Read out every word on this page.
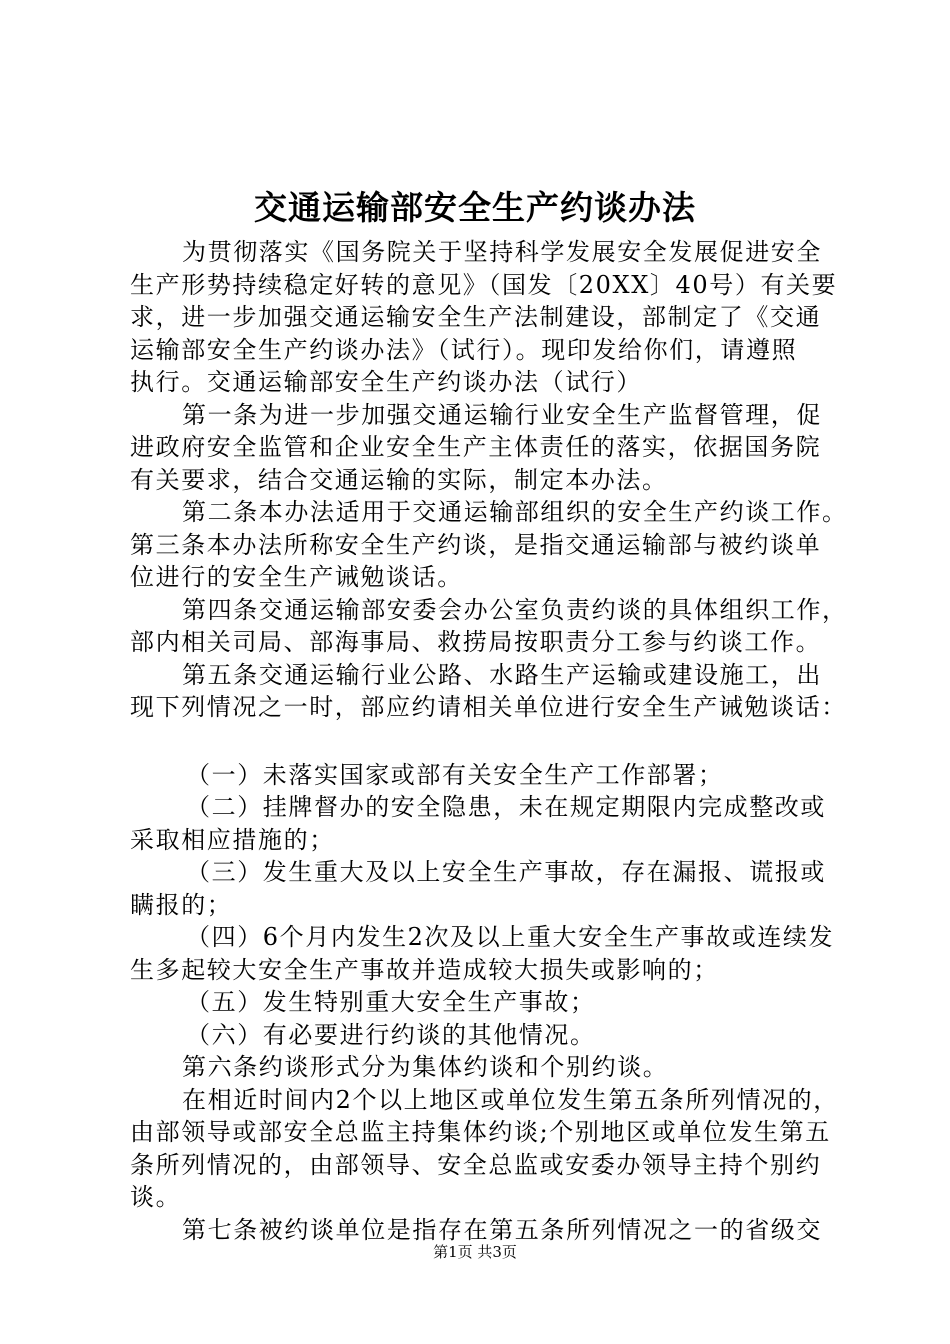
交通运输部安全生产约谈办法
为贯彻落实《国务院关于坚持科学发展安全发展促进安全
生产形势持续稳定好转的意见》（国发〔20XX〕40号）有关要
求，进一步加强交通运输安全生产法制建设，部制定了《交通
运输部安全生产约谈办法》（试行）。现印发给你们，请遵照
执行。交通运输部安全生产约谈办法（试行）
第一条为进一步加强交通运输行业安全生产监督管理，促
进政府安全监管和企业安全生产主体责任的落实，依据国务院
有关要求，结合交通运输的实际，制定本办法。
第二条本办法适用于交通运输部组织的安全生产约谈工作。
第三条本办法所称安全生产约谈，是指交通运输部与被约谈单
位进行的安全生产诫勉谈话。
第四条交通运输部安委会办公室负责约谈的具体组织工作，
部内相关司局、部海事局、救捞局按职责分工参与约谈工作。
第五条交通运输行业公路、水路生产运输或建设施工，出
现下列情况之一时，部应约请相关单位进行安全生产诫勉谈话：
（一）未落实国家或部有关安全生产工作部署；
（二）挂牌督办的安全隐患，未在规定期限内完成整改或
采取相应措施的；
（三）发生重大及以上安全生产事故，存在漏报、谎报或
瞒报的；
（四）6个月内发生2次及以上重大安全生产事故或连续发
生多起较大安全生产事故并造成较大损失或影响的；
（五）发生特别重大安全生产事故；
（六）有必要进行约谈的其他情况。
第六条约谈形式分为集体约谈和个别约谈。
在相近时间内2个以上地区或单位发生第五条所列情况的，
由部领导或部安全总监主持集体约谈;个别地区或单位发生第五
条所列情况的，由部领导、安全总监或安委办领导主持个别约
谈。
第七条被约谈单位是指存在第五条所列情况之一的省级交
第1页 共3页
